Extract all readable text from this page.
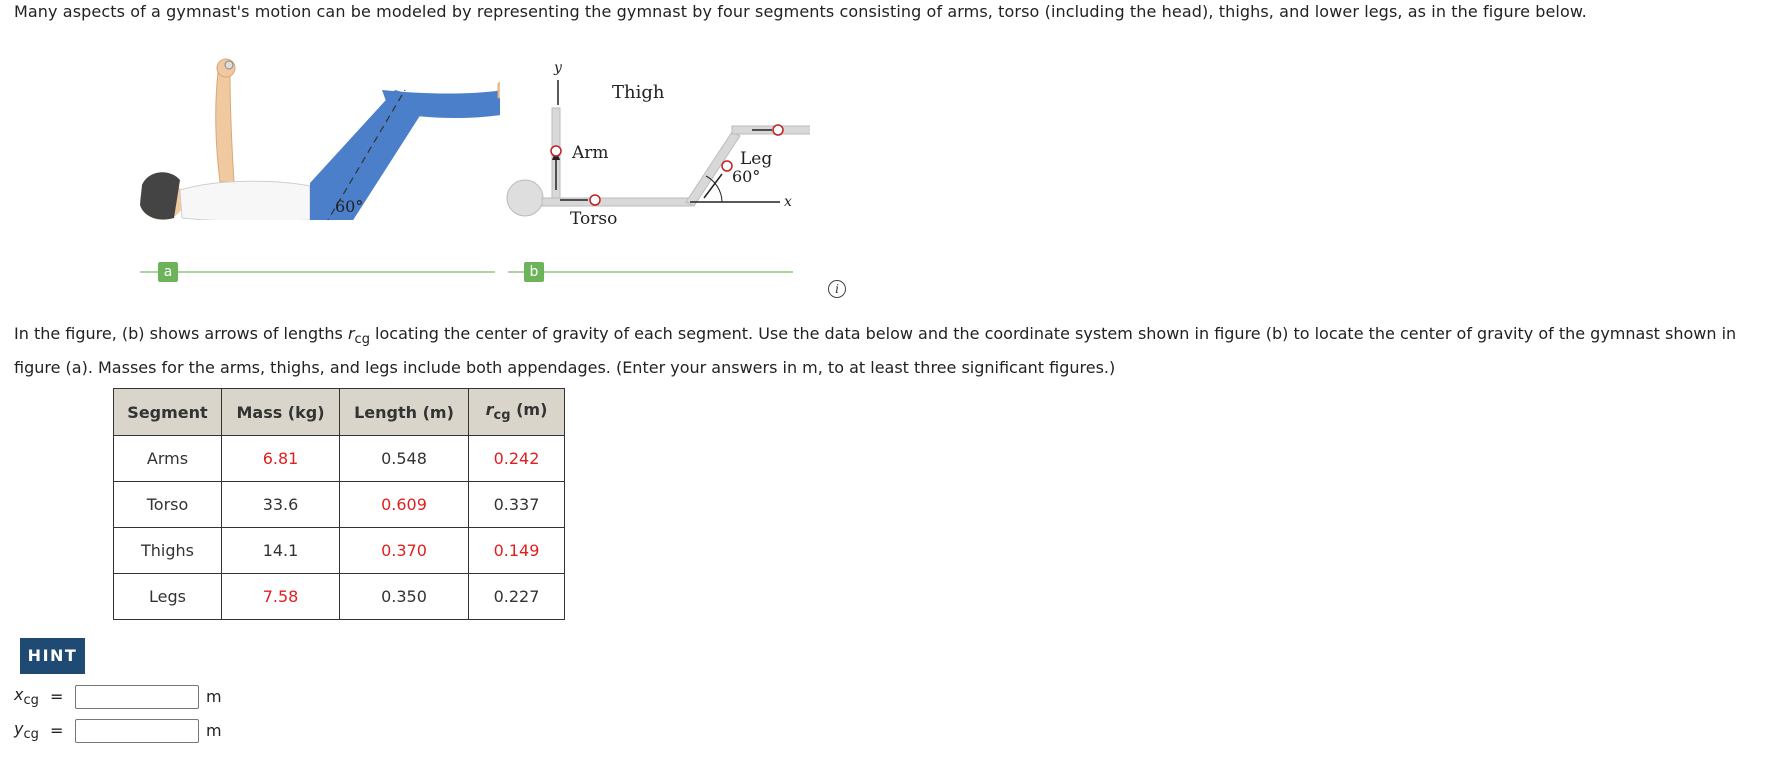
Many aspects of a gymnast's motion can be modeled by representing the gymnast by four segments consisting of arms, torso (including the head), thighs, and lower legs, as in the figure below.
60°
y
x
Thigh
Arm	Leg
Torso
60°
a	b
i
In the figure, (b) shows arrows of lengths $r_{cg}$ locating the center of gravity of each segment. Use the data below and the coordinate system shown in figure (b) to locate the center of gravity of the gymnast shown in figure (a). Masses for the arms, thighs, and legs include both appendages. (Enter your answers in m, to at least three significant figures.)
Segment	Mass (kg)	Length (m)	$r_{cg}$ (m)
Arms	6.81	0.548	0.242
Torso	33.6	0.609	0.337
Thighs	14.1	0.370	0.149
Legs	7.58	0.350	0.227
HINT
$x_{cg}$ =	m
$y_{cg}$ =	m
